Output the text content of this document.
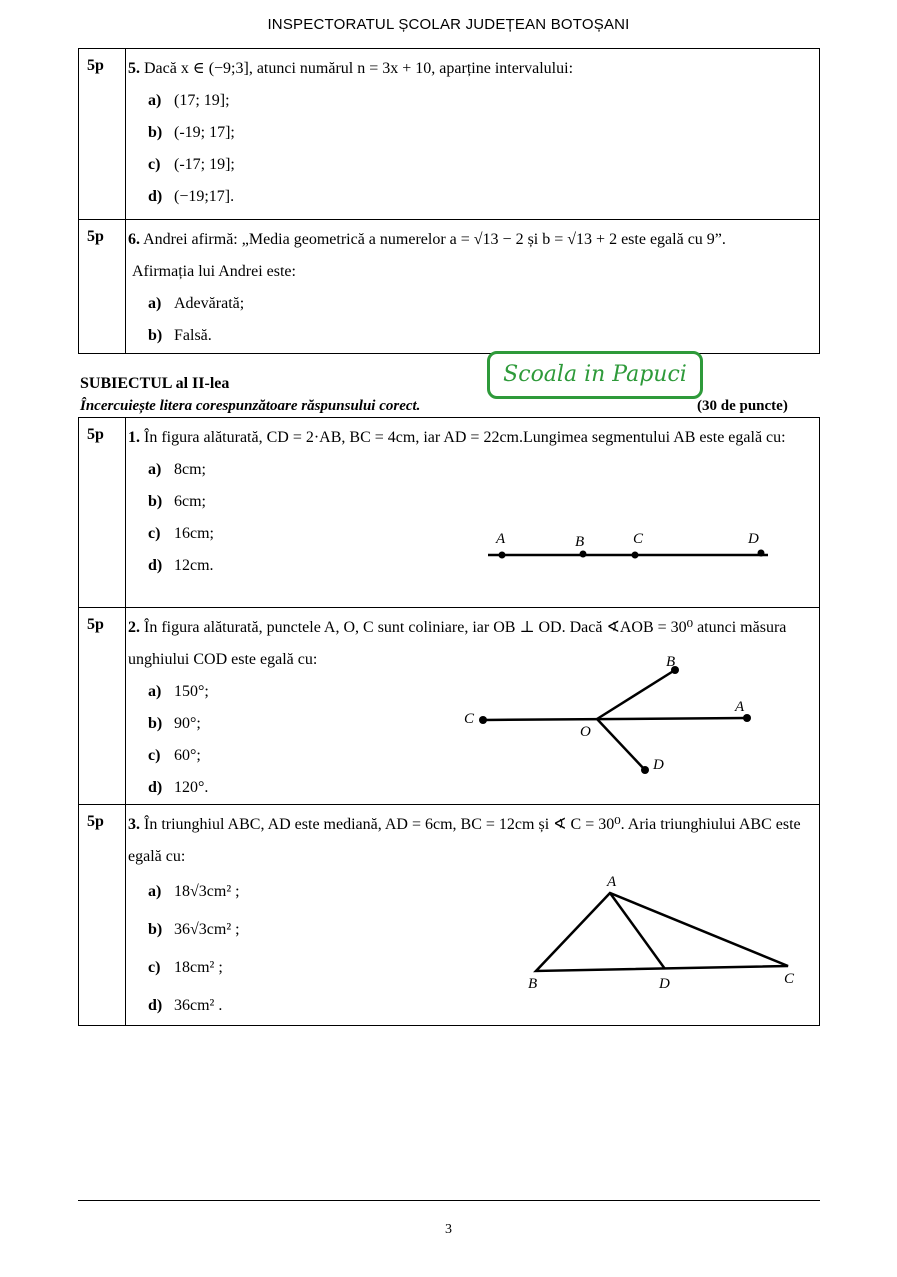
INSPECTORATUL ȘCOLAR JUDEȚEAN BOTOȘANI
5p	5. Dacă x ∈ (−9;3], atunci numărul n = 3x + 10, aparține intervalului:
a) (17; 19];
b) (-19; 17];
c) (-17; 19];
d) (−19;17].

5p	6. Andrei afirmă: „Media geometrică a numerelor a = √13 − 2 și b = √13 + 2 este egală cu 9”.
Afirmația lui Andrei este:
a) Adevărată;
b) Falsă.
Scoala in Papuci
SUBIECTUL al II-lea
Încercuiește litera corespunzătoare răspunsului corect.	(30 de puncte)
5p	1. În figura alăturată, CD = 2·AB, BC = 4cm, iar AD = 22cm.Lungimea segmentului AB este egală cu:
a) 8cm;
b) 6cm;
c) 16cm;
d) 12cm.

5p	2. În figura alăturată, punctele A, O, C sunt coliniare, iar OB ⊥ OD. Dacă ∢AOB = 30⁰ atunci măsura unghiului COD este egală cu:
a) 150°;
b) 90°;
c) 60°;
d) 120°.

5p	3. În triunghiul ABC, AD este mediană, AD = 6cm, BC = 12cm și ∢ C = 30⁰. Aria triunghiului ABC este egală cu:
a) 18√3cm² ;
b) 36√3cm² ;
c) 18cm² ;
d) 36cm² .
A	B	C	D
B
C
A
O
D
A
B	D	C
3
